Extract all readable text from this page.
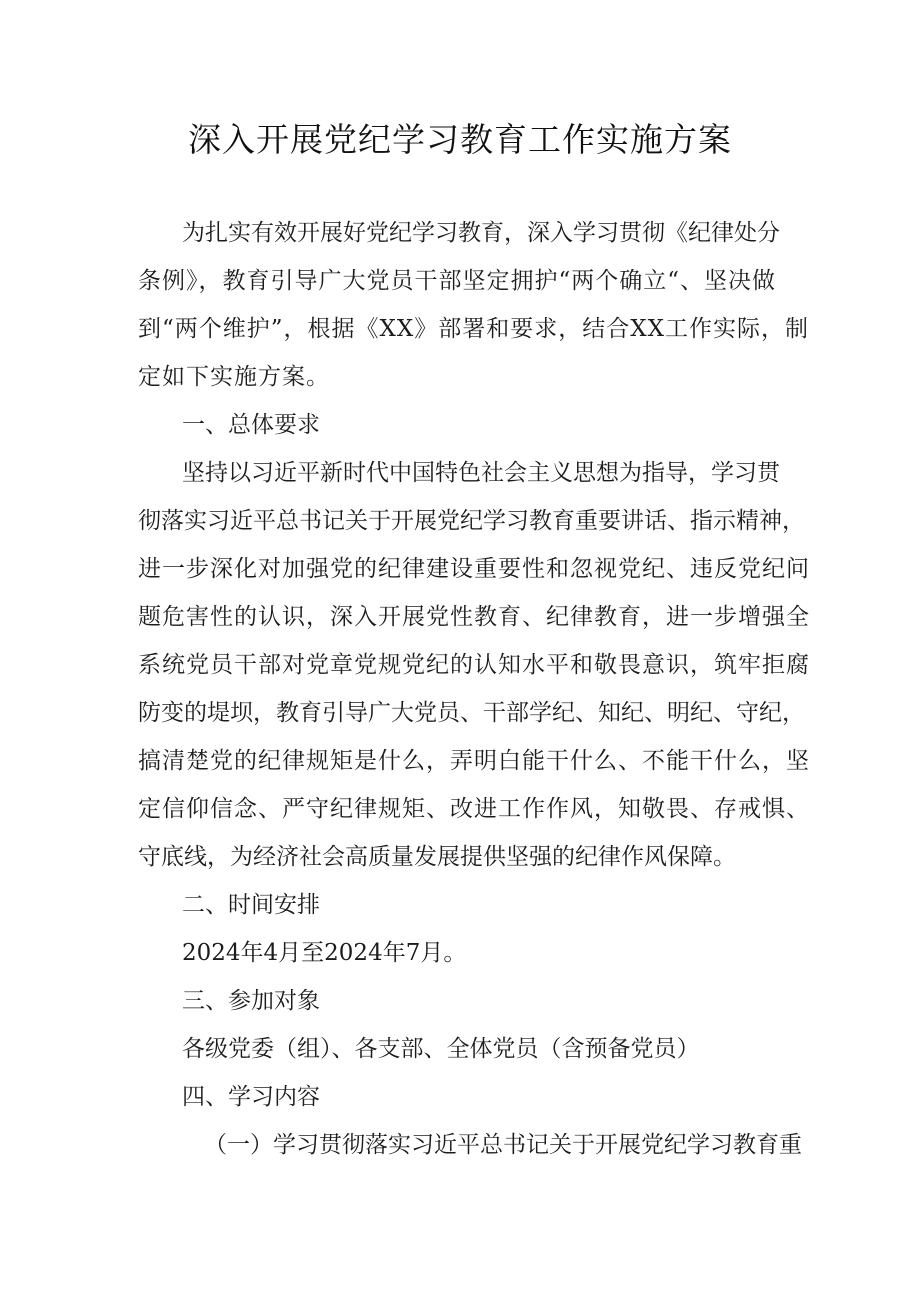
深入开展党纪学习教育工作实施方案
为扎实有效开展好党纪学习教育，深入学习贯彻《纪律处分
条例》，教育引导广大党员干部坚定拥护“两个确立“、坚决做
到“两个维护”，根据《XX》部署和要求，结合XX工作实际，制
定如下实施方案。
一、总体要求
坚持以习近平新时代中国特色社会主义思想为指导，学习贯
彻落实习近平总书记关于开展党纪学习教育重要讲话、指示精神，
进一步深化对加强党的纪律建设重要性和忽视党纪、违反党纪问
题危害性的认识，深入开展党性教育、纪律教育，进一步增强全
系统党员干部对党章党规党纪的认知水平和敬畏意识，筑牢拒腐
防变的堤坝，教育引导广大党员、干部学纪、知纪、明纪、守纪，
搞清楚党的纪律规矩是什么，弄明白能干什么、不能干什么，坚
定信仰信念、严守纪律规矩、改进工作作风，知敬畏、存戒惧、
守底线，为经济社会高质量发展提供坚强的纪律作风保障。
二、时间安排
2024年4月至2024年7月。
三、参加对象
各级党委（组）、各支部、全体党员（含预备党员）
四、学习内容
（一）学习贯彻落实习近平总书记关于开展党纪学习教育重
